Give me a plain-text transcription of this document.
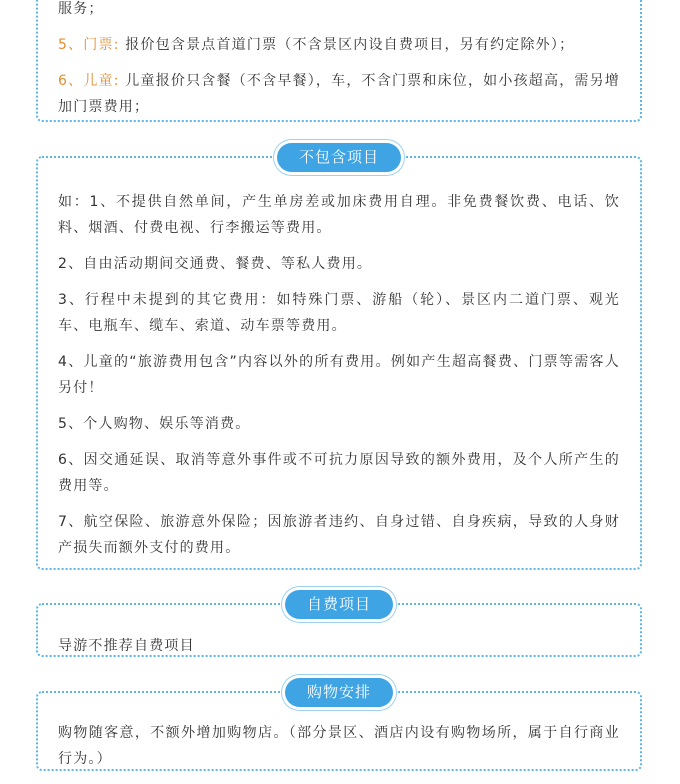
服务；

5、门票: 报价包含景点首道门票（不含景区内设自费项目，另有约定除外）；

6、儿童: 儿童报价只含餐（不含早餐），车，不含门票和床位，如小孩超高，需另增加门票费用；

不包含项目

如：1、不提供自然单间，产生单房差或加床费用自理。非免费餐饮费、电话、饮料、烟酒、付费电视、行李搬运等费用。

2、自由活动期间交通费、餐费、等私人费用。

3、行程中未提到的其它费用：如特殊门票、游船（轮）、景区内二道门票、观光车、电瓶车、缆车、索道、动车票等费用。

4、儿童的“旅游费用包含”内容以外的所有费用。例如产生超高餐费、门票等需客人另付！

5、个人购物、娱乐等消费。

6、因交通延误、取消等意外事件或不可抗力原因导致的额外费用，及个人所产生的费用等。

7、航空保险、旅游意外保险；因旅游者违约、自身过错、自身疾病，导致的人身财产损失而额外支付的费用。

自费项目

导游不推荐自费项目

购物安排

购物随客意，不额外增加购物店。（部分景区、酒店内设有购物场所，属于自行商业行为。）
